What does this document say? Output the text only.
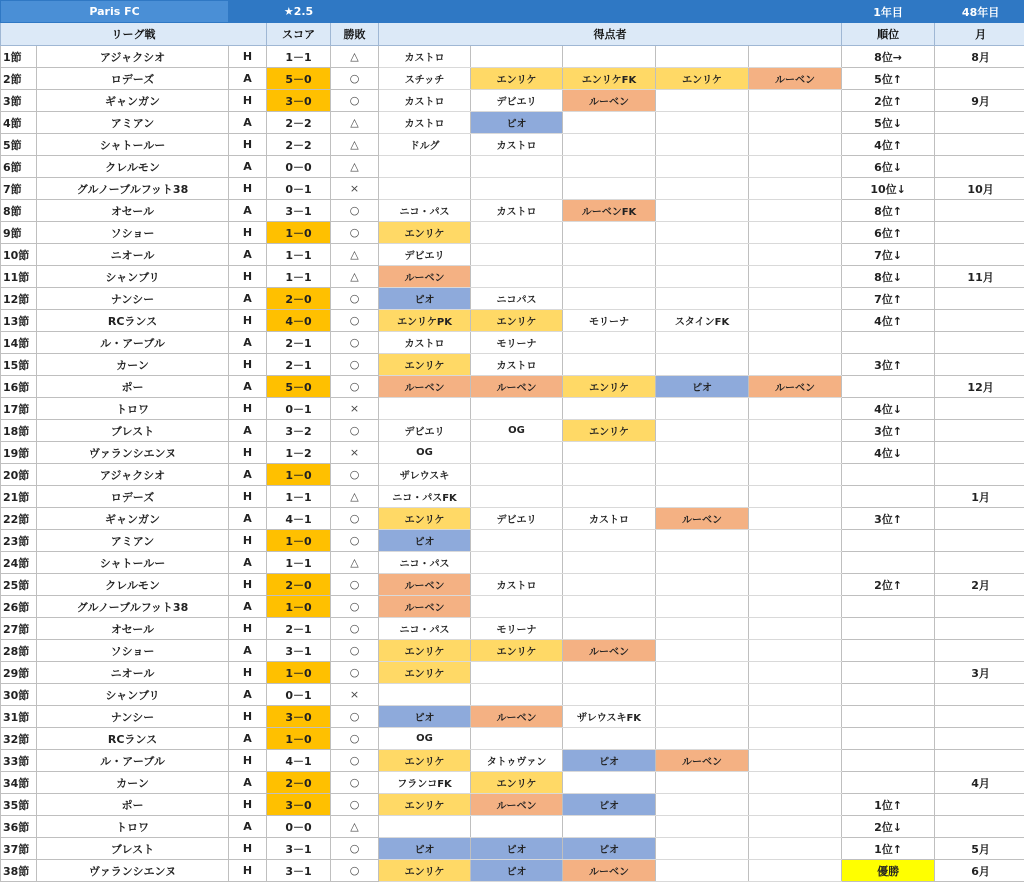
Paris FC			★2.5							1年目	48年目
リーグ戦			スコア	勝敗	得点者					順位	月
1節	アジャクシオ	H	1－1	△	カストロ					8位→	8月
2節	ロデーズ	A	5－0	○	スチッチ	エンリケ	エンリケFK	エンリケ	ルーベン	5位↑	
3節	ギャンガン	H	3－0	○	カストロ	デビエリ	ルーベン			2位↑	9月
4節	アミアン	A	2－2	△	カストロ	ピオ				5位↓	
5節	シャトールー	H	2－2	△	ドルグ	カストロ				4位↑	
6節	クレルモン	A	0－0	△						6位↓	
7節	グルノーブルフット38	H	0－1	×						10位↓	10月
8節	オセール	A	3－1	○	ニコ・パス	カストロ	ルーベンFK			8位↑	
9節	ソショー	H	1－0	○	エンリケ					6位↑	
10節	ニオール	A	1－1	△	デビエリ					7位↓	
11節	シャンブリ	H	1－1	△	ルーベン					8位↓	11月
12節	ナンシー	A	2－0	○	ピオ	ニコパス				7位↑	
13節	RCランス	H	4－0	○	エンリケPK	エンリケ	モリーナ	スタインFK		4位↑	
14節	ル・アーブル	A	2－1	○	カストロ	モリーナ					
15節	カーン	H	2－1	○	エンリケ	カストロ				3位↑	
16節	ポー	A	5－0	○	ルーベン	ルーベン	エンリケ	ピオ	ルーベン		12月
17節	トロワ	H	0－1	×						4位↓	
18節	ブレスト	A	3－2	○	デビエリ	OG	エンリケ			3位↑	
19節	ヴァランシエンヌ	H	1－2	×	OG					4位↓	
20節	アジャクシオ	A	1－0	○	ザレウスキ						
21節	ロデーズ	H	1－1	△	ニコ・パスFK						1月
22節	ギャンガン	A	4－1	○	エンリケ	デビエリ	カストロ	ルーベン		3位↑	
23節	アミアン	H	1－0	○	ピオ						
24節	シャトールー	A	1－1	△	ニコ・パス						
25節	クレルモン	H	2－0	○	ルーベン	カストロ				2位↑	2月
26節	グルノーブルフット38	A	1－0	○	ルーベン						
27節	オセール	H	2－1	○	ニコ・パス	モリーナ					
28節	ソショー	A	3－1	○	エンリケ	エンリケ	ルーベン				
29節	ニオール	H	1－0	○	エンリケ						3月
30節	シャンブリ	A	0－1	×							
31節	ナンシー	H	3－0	○	ピオ	ルーベン	ザレウスキFK				
32節	RCランス	A	1－0	○	OG						
33節	ル・アーブル	H	4－1	○	エンリケ	タトゥヴァン	ピオ	ルーベン			
34節	カーン	A	2－0	○	フランコFK	エンリケ					4月
35節	ポー	H	3－0	○	エンリケ	ルーベン	ピオ			1位↑	
36節	トロワ	A	0－0	△						2位↓	
37節	ブレスト	H	3－1	○	ピオ	ピオ	ピオ			1位↑	5月
38節	ヴァランシエンヌ	H	3－1	○	エンリケ	ピオ	ルーベン			優勝	6月
